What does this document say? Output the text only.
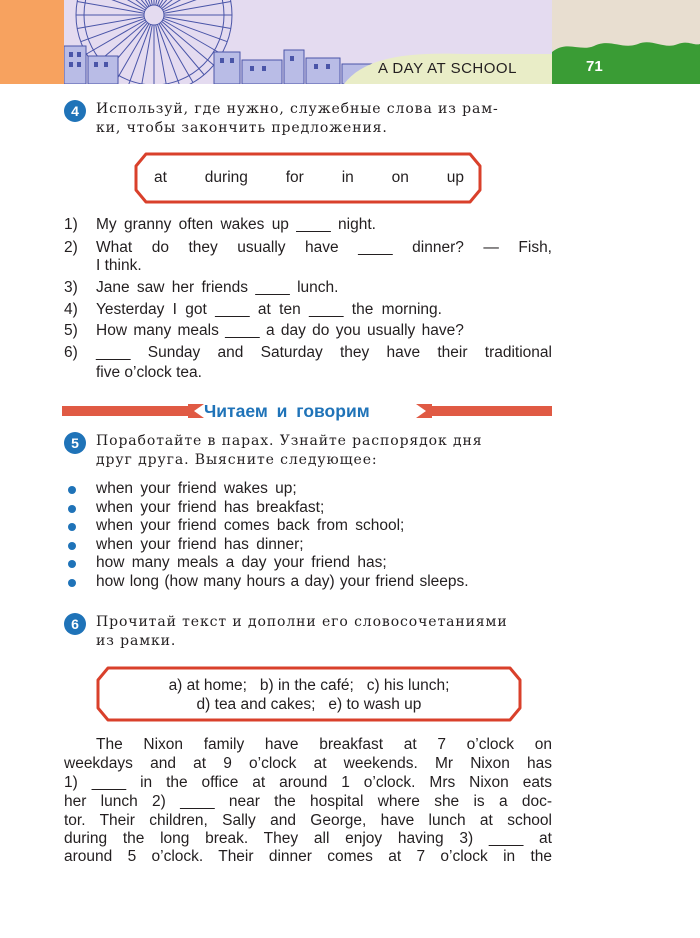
A DAY AT SCHOOL	71
4	Используй, где нужно, служебные слова из рам-
ки, чтобы закончить предложения.
at during for in on up
1) My granny often wakes up ____ night.
2) What do they usually have ____ dinner? — Fish,
I think.
3) Jane saw her friends ____ lunch.
4) Yesterday I got ____ at ten ____ the morning.
5) How many meals ____ a day do you usually have?
6) ____ Sunday and Saturday they have their traditional
five o’clock tea.
Читаем и говорим
5	Поработайте в парах. Узнайте распорядок дня
друг друга. Выясните следующее:
when your friend wakes up;
when your friend has breakfast;
when your friend comes back from school;
when your friend has dinner;
how many meals a day your friend has;
how long (how many hours a day) your friend sleeps.
6	Прочитай текст и дополни его словосочетаниями
из рамки.
a) at home;   b) in the cafе́;   c) his lunch;
d) tea and cakes;   e) to wash up
The Nixon family have breakfast at 7 o’clock on
weekdays and at 9 o’clock at weekends. Mr Nixon has
1) ____ in the office at around 1 o’clock. Mrs Nixon eats
her lunch 2) ____ near the hospital where she is a doc-
tor. Their children, Sally and George, have lunch at school
during the long break. They all enjoy having 3) ____ at
around 5 o’clock. Their dinner comes at 7 o’clock in the
